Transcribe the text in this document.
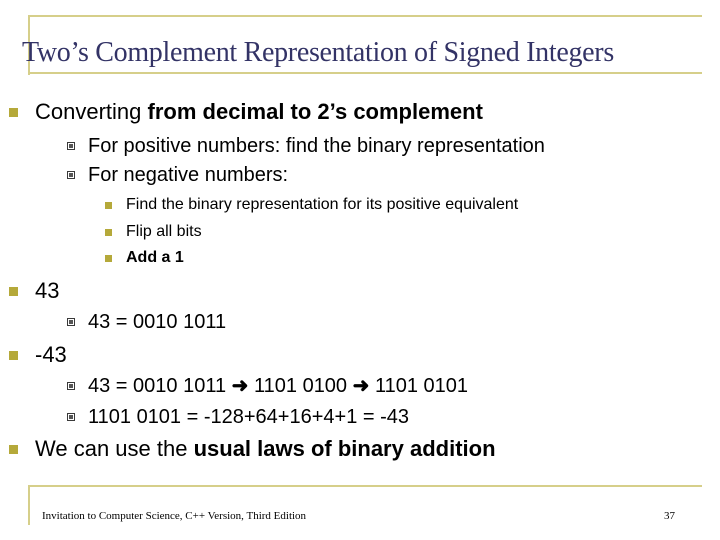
Two’s Complement Representation of Signed Integers
Converting from decimal to 2’s complement
For positive numbers: find the binary representation
For negative numbers:
Find the binary representation for its positive equivalent
Flip all bits
Add a 1
43
43 = 0010 1011
-43
43 = 0010 1011 ➜ 1101 0100 ➜ 1101 0101
1101 0101 = -128+64+16+4+1 = -43
We can use the usual laws of binary addition
Invitation to Computer Science, C++ Version, Third Edition	37
